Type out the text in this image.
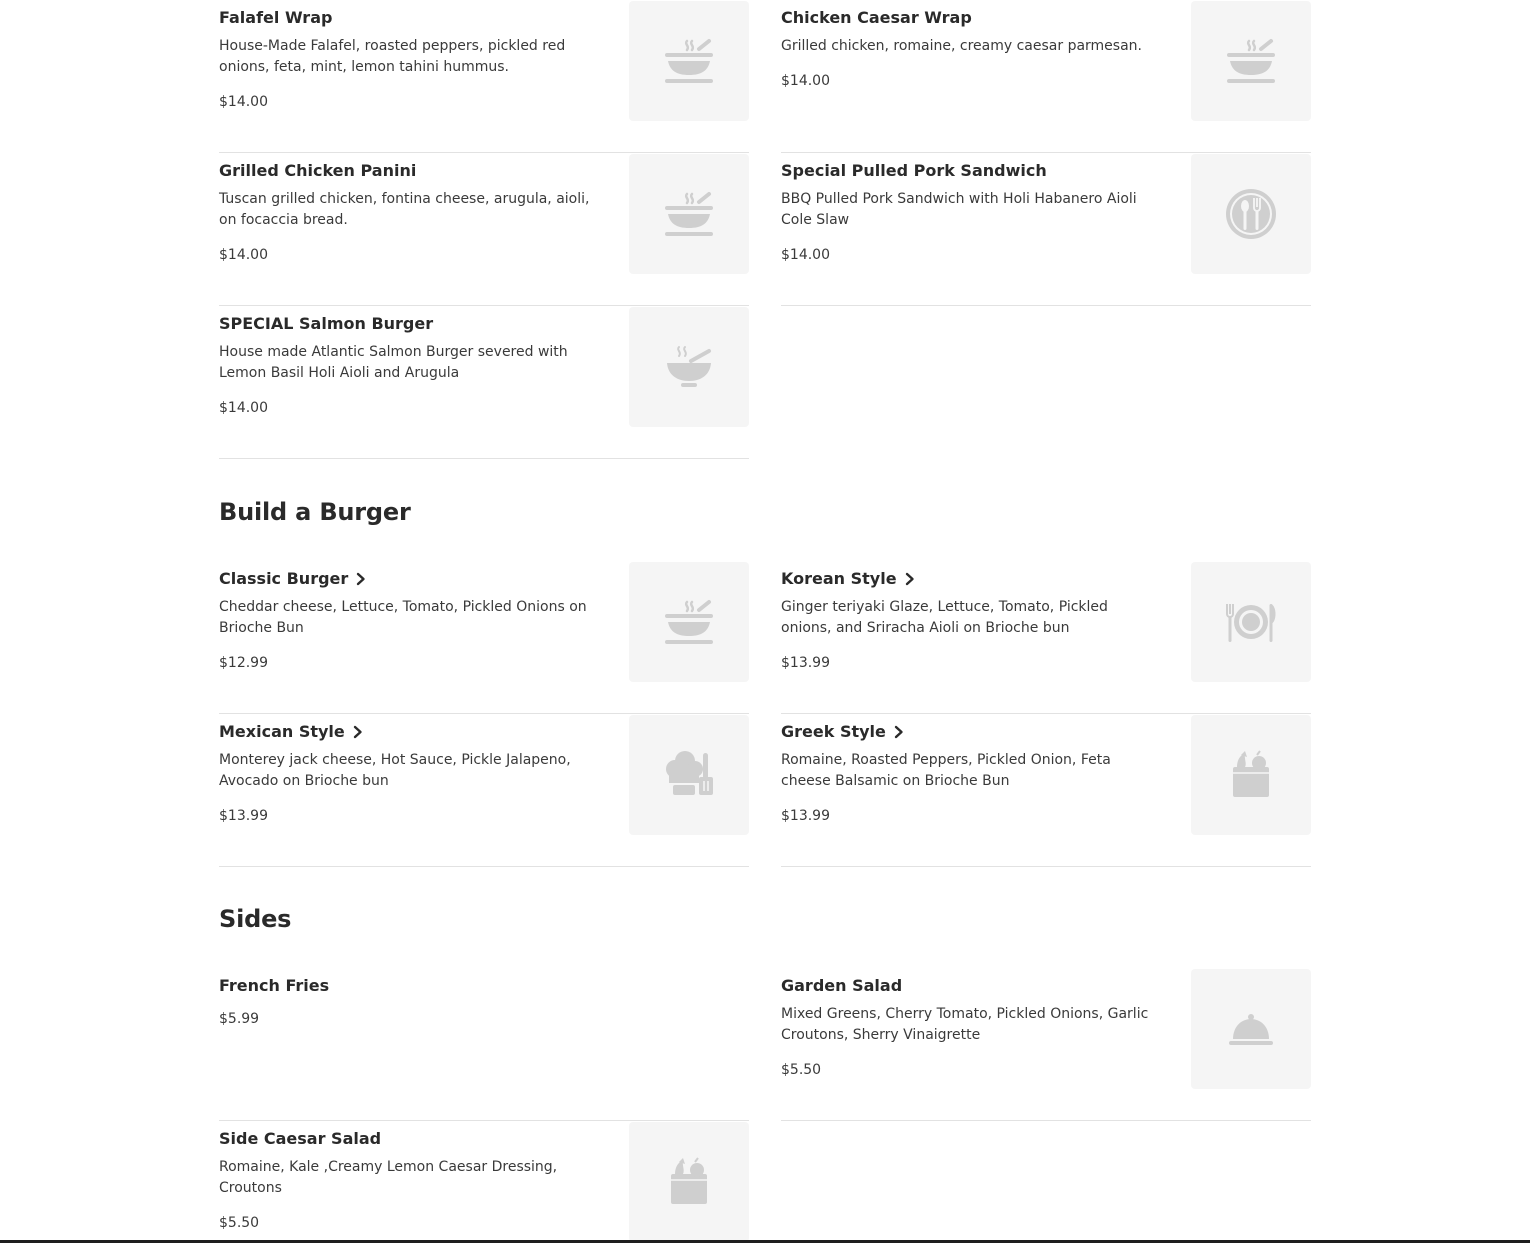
Falafel Wrap
House-Made Falafel, roasted peppers, pickled red onions, feta, mint, lemon tahini hummus.
$14.00
Chicken Caesar Wrap
Grilled chicken, romaine, creamy caesar parmesan.
$14.00
Grilled Chicken Panini
Tuscan grilled chicken, fontina cheese, arugula, aioli, on focaccia bread.
$14.00
Special Pulled Pork Sandwich
BBQ Pulled Pork Sandwich with Holi Habanero Aioli Cole Slaw
$14.00
SPECIAL Salmon Burger
House made Atlantic Salmon Burger severed with Lemon Basil Holi Aioli and Arugula
$14.00
Build a Burger
Classic Burger
Cheddar cheese, Lettuce, Tomato, Pickled Onions on Brioche Bun
$12.99
Korean Style
Ginger teriyaki Glaze, Lettuce, Tomato, Pickled onions, and Sriracha Aioli on Brioche bun
$13.99
Mexican Style
Monterey jack cheese, Hot Sauce, Pickle Jalapeno, Avocado on Brioche bun
$13.99
Greek Style
Romaine, Roasted Peppers, Pickled Onion, Feta cheese Balsamic on Brioche Bun
$13.99
Sides
French Fries
$5.99
Garden Salad
Mixed Greens, Cherry Tomato, Pickled Onions, Garlic Croutons, Sherry Vinaigrette
$5.50
Side Caesar Salad
Romaine, Kale ,Creamy Lemon Caesar Dressing, Croutons
$5.50
